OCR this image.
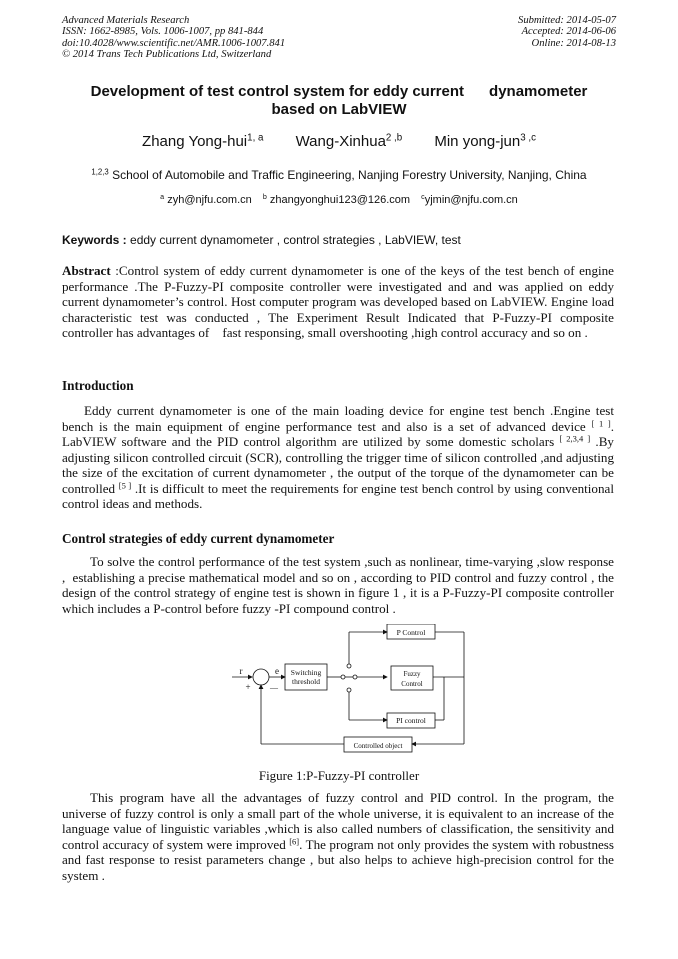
Advanced Materials Research
ISSN: 1662-8985, Vols. 1006-1007, pp 841-844
doi:10.4028/www.scientific.net/AMR.1006-1007.841
© 2014 Trans Tech Publications Ltd, Switzerland
Submitted: 2014-05-07
Accepted: 2014-06-06
Online: 2014-08-13
Development of test control system for eddy current      dynamometer
based on LabVIEW
Zhang Yong-hui$^{1, a}$ Wang-Xinhua$^{2 ,b}$ Min yong-jun$^{3 ,c}$
$^{1,2,3}$ School of Automobile and Traffic Engineering, Nanjing Forestry University, Nanjing, China
$^a$ zyh@njfu.com.cn $^b$ zhangyonghui123@126.com $^c$yjmin@njfu.com.cn
Keywords : eddy current dynamometer , control strategies , LabVIEW, test
Abstract :Control system of eddy current dynamometer is one of the keys of the test bench of engine performance .The P-Fuzzy-PI composite controller were investigated and and was applied on eddy current dynamometer’s control. Host computer program was developed based on LabVIEW. Engine load characteristic test was conducted , The Experiment Result Indicated that P-Fuzzy-PI composite controller has advantages of    fast responsing, small overshooting ,high control accuracy and so on .
Introduction
Eddy current dynamometer is one of the main loading device for engine test bench .Engine test bench is the main equipment of engine performance test and also is a set of advanced device [ 1 ]. LabVIEW software and the PID control algorithm are utilized by some domestic scholars [ 2,3,4 ] .By adjusting silicon controlled circuit (SCR), controlling the trigger time of silicon controlled ,and adjusting the size of the excitation of current dynamometer , the output of the torque of the dynamometer can be controlled [5 ] .It is difficult to meet the requirements for engine test bench control by using conventional control ideas and methods.
Control strategies of eddy current dynamometer
To solve the control performance of the test system ,such as nonlinear, time-varying ,slow response  ,  establishing a precise mathematical model and so on , according to PID control and fuzzy control , the design of the control strategy of engine test is shown in figure 1 , it is a P-Fuzzy-PI composite controller    which includes a P-control before fuzzy -PI compound control .
r	e
+ —
Switching
threshold
P Control
Fuzzy
Control
PI control
Controlled object
Figure 1:P-Fuzzy-PI controller
This program have all the advantages of fuzzy control and PID control. In the program, the universe of fuzzy control is only a small part of the whole universe, it is equivalent to an increase of the language value of linguistic variables ,which is also called numbers of classification, the sensitivity and control accuracy of system were improved [6]. The program not only provides the system with robustness and fast response to resist parameters change , but also helps to achieve high-precision control for the system .
